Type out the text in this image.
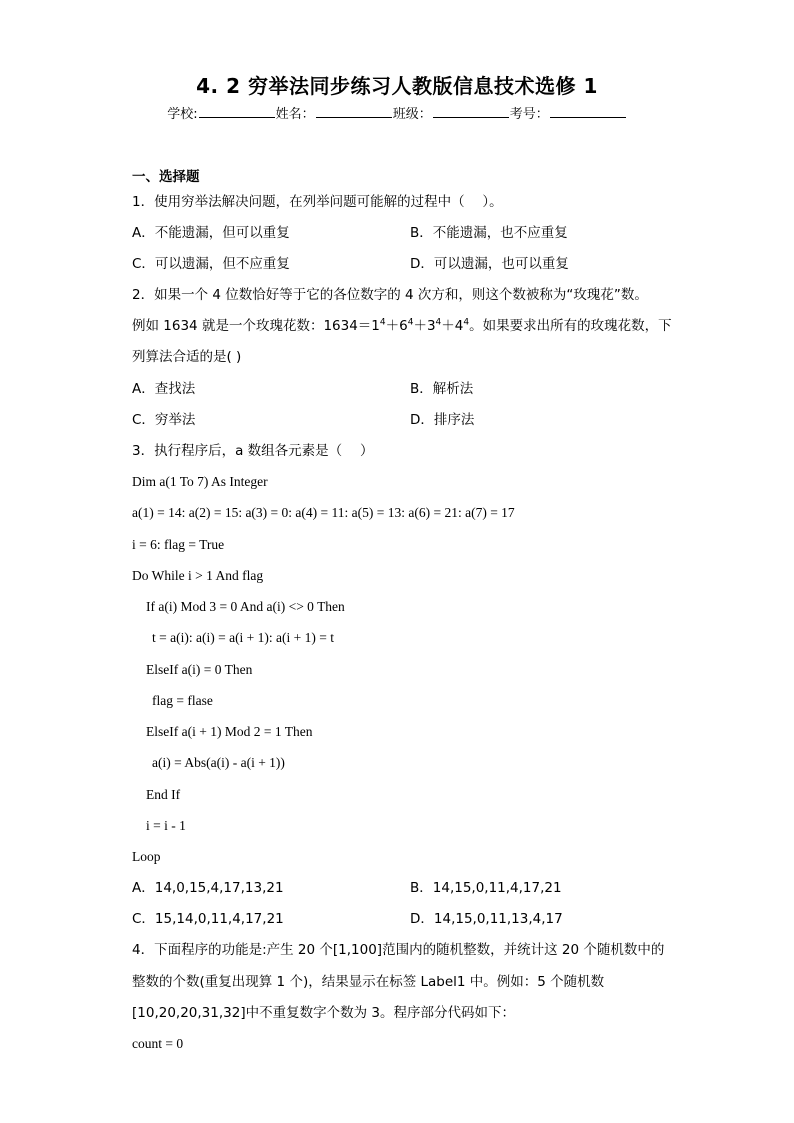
4. 2 穷举法同步练习人教版信息技术选修 1
学校:	姓名：	班级：	考号：
一、选择题
1．使用穷举法解决问题，在列举问题可能解的过程中（　 ）。
A．不能遗漏，但可以重复	B．不能遗漏，也不应重复
C．可以遗漏，但不应重复	D．可以遗漏，也可以重复
2．如果一个 4 位数恰好等于它的各位数字的 4 次方和，则这个数被称为“玫瑰花”数。
例如 1634 就是一个玫瑰花数：$1634=1^4+6^4+3^4+4^4$。如果要求出所有的玫瑰花数，下
列算法合适的是( )
A．查找法	B．解析法
C．穷举法	D．排序法
3．执行程序后，a 数组各元素是（　 ）
Dim a(1 To 7) As Integer
a(1) = 14: a(2) = 15: a(3) = 0: a(4) = 11: a(5) = 13: a(6) = 21: a(7) = 17
i = 6: flag = True
Do While i > 1 And flag
If a(i) Mod 3 = 0 And a(i) <> 0 Then
t = a(i): a(i) = a(i + 1): a(i + 1) = t
ElseIf a(i) = 0 Then
flag = flase
ElseIf a(i + 1) Mod 2 = 1 Then
a(i) = Abs(a(i) - a(i + 1))
End If
i = i - 1
Loop
A．14,0,15,4,17,13,21	B．14,15,0,11,4,17,21
C．15,14,0,11,4,17,21	D．14,15,0,11,13,4,17
4．下面程序的功能是:产生 20 个[1,100]范围内的随机整数，并统计这 20 个随机数中的
整数的个数(重复出现算 1 个)，结果显示在标签 Label1 中。例如：5 个随机数
[10,20,20,31,32]中不重复数字个数为 3。程序部分代码如下：
count = 0
